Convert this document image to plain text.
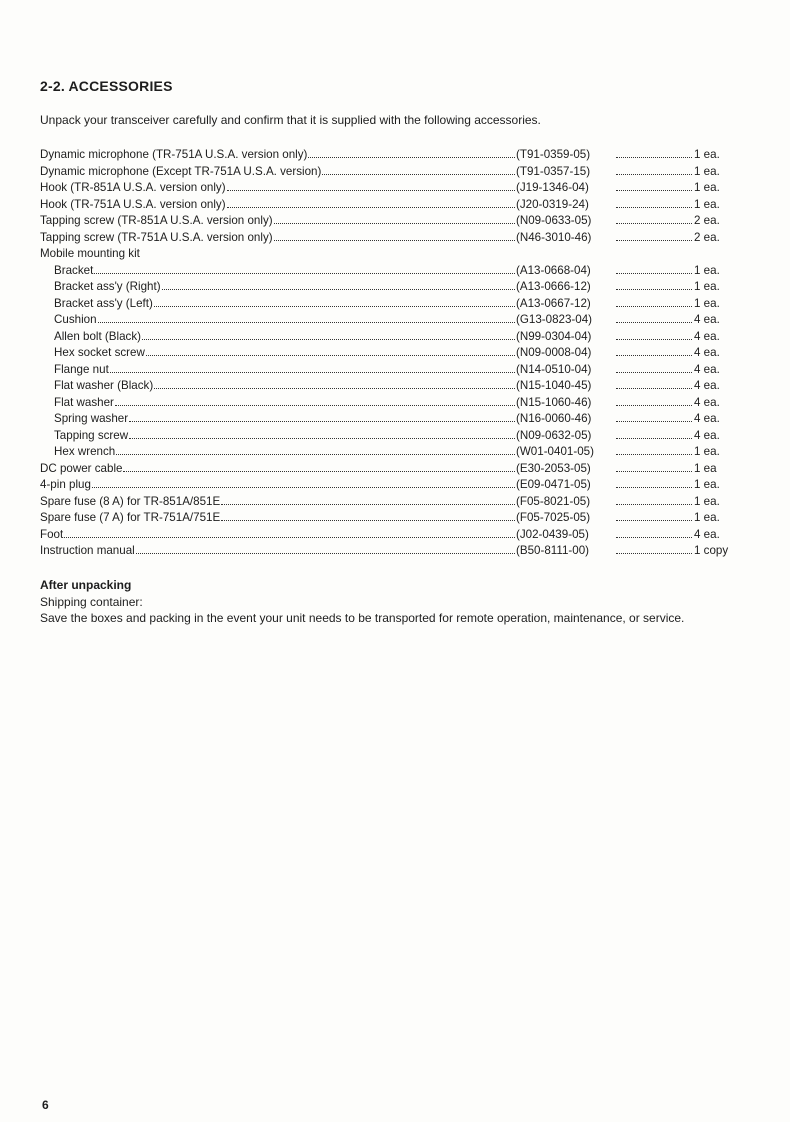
2-2. ACCESSORIES
Unpack your transceiver carefully and confirm that it is supplied with the following accessories.
Dynamic microphone (TR-751A U.S.A. version only)	(T91-0359-05)	1 ea.
Dynamic microphone (Except TR-751A U.S.A. version)	(T91-0357-15)	1 ea.
Hook (TR-851A U.S.A. version only)	(J19-1346-04)	1 ea.
Hook (TR-751A U.S.A. version only)	(J20-0319-24)	1 ea.
Tapping screw (TR-851A U.S.A. version only)	(N09-0633-05)	2 ea.
Tapping screw (TR-751A U.S.A. version only)	(N46-3010-46)	2 ea.
Mobile mounting kit
Bracket	(A13-0668-04)	1 ea.
Bracket ass'y (Right)	(A13-0666-12)	1 ea.
Bracket ass'y (Left)	(A13-0667-12)	1 ea.
Cushion	(G13-0823-04)	4 ea.
Allen bolt (Black)	(N99-0304-04)	4 ea.
Hex socket screw	(N09-0008-04)	4 ea.
Flange nut	(N14-0510-04)	4 ea.
Flat washer (Black)	(N15-1040-45)	4 ea.
Flat washer	(N15-1060-46)	4 ea.
Spring washer	(N16-0060-46)	4 ea.
Tapping screw	(N09-0632-05)	4 ea.
Hex wrench	(W01-0401-05)	1 ea.
DC power cable	(E30-2053-05)	1 ea
4-pin plug	(E09-0471-05)	1 ea.
Spare fuse (8 A) for TR-851A/851E	(F05-8021-05)	1 ea.
Spare fuse (7 A) for TR-751A/751E	(F05-7025-05)	1 ea.
Foot	(J02-0439-05)	4 ea.
Instruction manual	(B50-8111-00)	1 copy
After unpacking
Shipping container:
Save the boxes and packing in the event your unit needs to be transported for remote operation, maintenance, or service.
6
